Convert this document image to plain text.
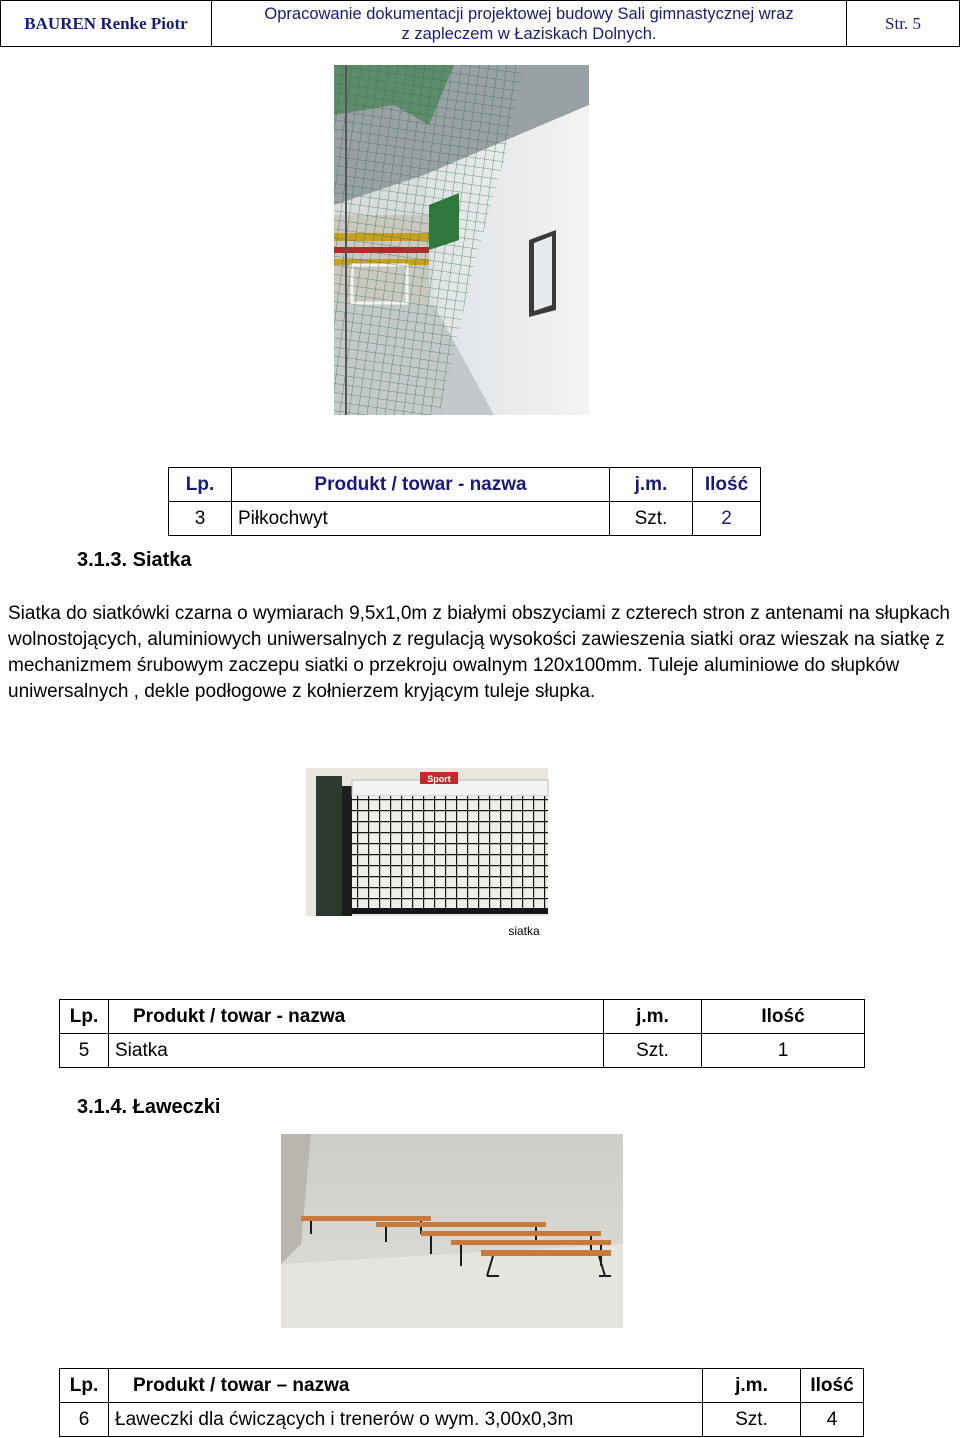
BAUREN Renke Piotr	Opracowanie dokumentacji projektowej budowy Sali gimnastycznej wraz
z zapleczem w Łaziskach Dolnych.
	Str. 5
Lp.	Produkt / towar - nazwa	j.m.	Ilość
3	Piłkochwyt	Szt.	2
3.1.3. Siatka
Siatka do siatkówki czarna o wymiarach 9,5x1,0m z białymi obszyciami z czterech stron z antenami na słupkach wolnostojących, aluminiowych uniwersalnych z regulacją wysokości zawieszenia siatki oraz wieszak na siatkę z mechanizmem śrubowym zaczepu siatki o przekroju owalnym 120x100mm. Tuleje aluminiowe do słupków uniwersalnych , dekle podłogowe z kołnierzem kryjącym tuleje słupka.
Sport
siatka
Lp.	Produkt / towar - nazwa	j.m.	Ilość
5	Siatka	Szt.	1
3.1.4. Ławeczki
Lp.	Produkt / towar – nazwa	j.m.	Ilość
6	Ławeczki dla ćwiczących i trenerów o wym. 3,00x0,3m	Szt.	4
